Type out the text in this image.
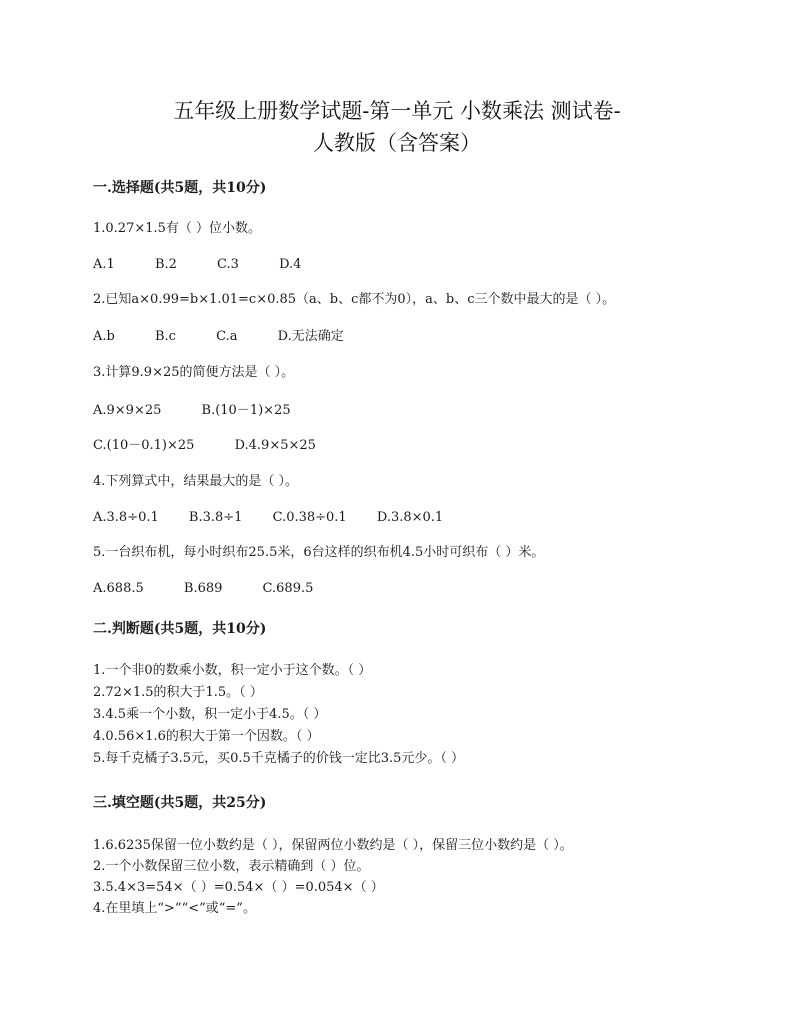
五年级上册数学试题-第一单元 小数乘法 测试卷-
人教版（含答案）
一.选择题(共5题，共10分)
1.0.27×1.5有（ ）位小数。
A.1	B.2	C.3	D.4
2.已知a×0.99=b×1.01=c×0.85（a、b、c都不为0），a、b、c三个数中最大的是（ ）。
A.b	B.c	C.a	D.无法确定
3.计算9.9×25的简便方法是（ ）。
A.9×9×25	B.(10－1)×25
C.(10－0.1)×25	D.4.9×5×25
4.下列算式中，结果最大的是（ ）。
A.3.8÷0.1 B.3.8÷1 C.0.38÷0.1 D.3.8×0.1
5.一台织布机，每小时织布25.5米，6台这样的织布机4.5小时可织布（ ）米。
A.688.5	B.689	C.689.5
二.判断题(共5题，共10分)
1.一个非0的数乘小数，积一定小于这个数。（ ）
2.72×1.5的积大于1.5。（ ）
3.4.5乘一个小数，积一定小于4.5。（ ）
4.0.56×1.6的积大于第一个因数。（ ）
5.每千克橘子3.5元，买0.5千克橘子的价钱一定比3.5元少。（ ）
三.填空题(共5题，共25分)
1.6.6235保留一位小数约是（ ），保留两位小数约是（ ），保留三位小数约是（ ）。
2.一个小数保留三位小数，表示精确到（ ）位。
3.5.4×3=54×（ ）=0.54×（ ）=0.054×（ ）
4.在里填上“>”“<”或“=”。
